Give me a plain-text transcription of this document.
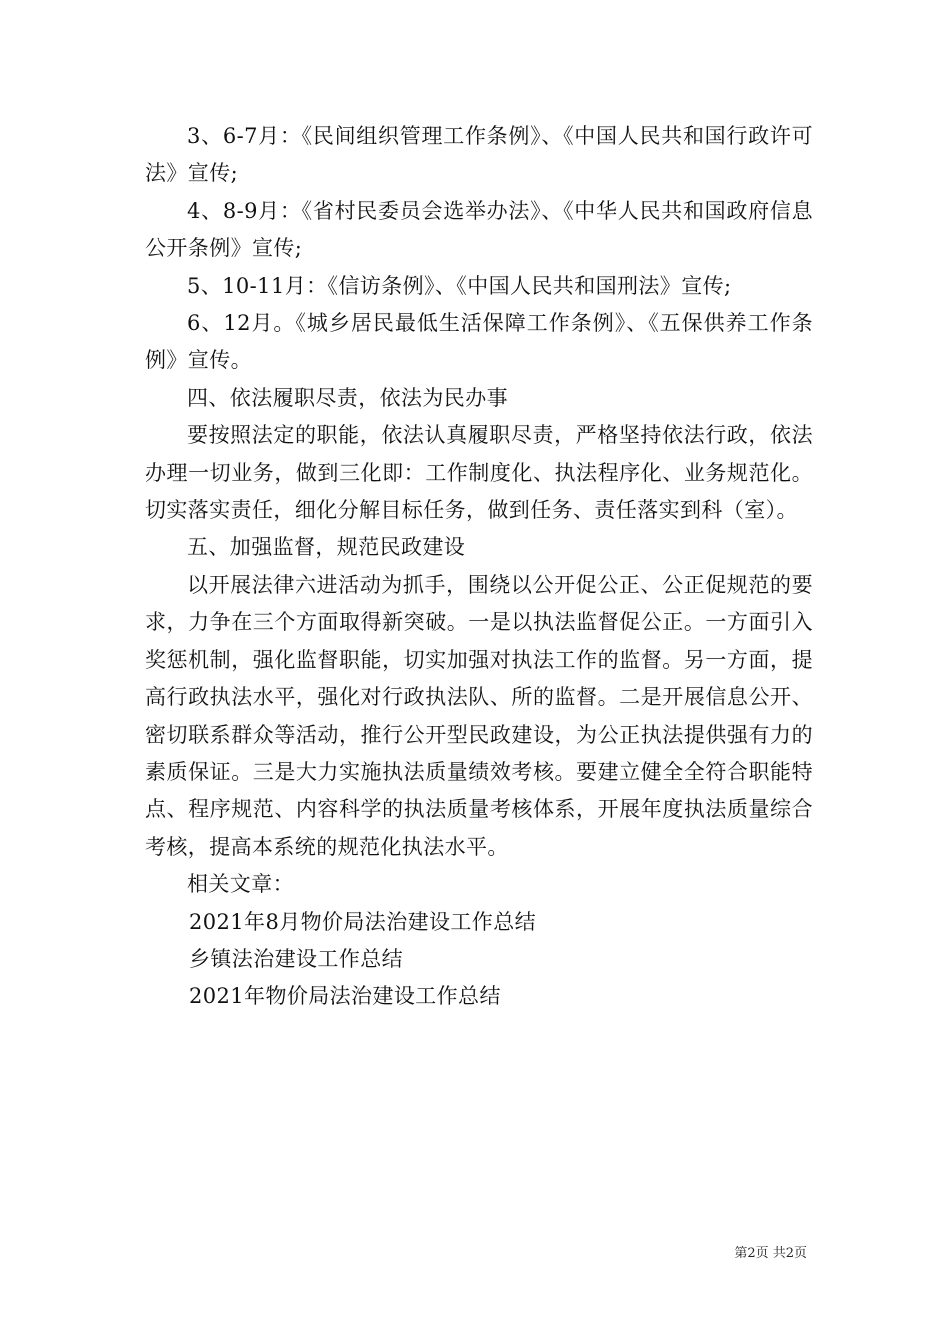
3、6-7月：《民间组织管理工作条例》、《中国人民共和国行政许可法》宣传;

4、8-9月：《省村民委员会选举办法》、《中华人民共和国政府信息公开条例》宣传;

5、10-11月：《信访条例》、《中国人民共和国刑法》宣传;

6、12月。《城乡居民最低生活保障工作条例》、《五保供养工作条例》宣传。

四、依法履职尽责，依法为民办事

要按照法定的职能，依法认真履职尽责，严格坚持依法行政，依法办理一切业务，做到三化即：工作制度化、执法程序化、业务规范化。切实落实责任，细化分解目标任务，做到任务、责任落实到科（室）。

五、加强监督，规范民政建设

以开展法律六进活动为抓手，围绕以公开促公正、公正促规范的要求，力争在三个方面取得新突破。一是以执法监督促公正。一方面引入奖惩机制，强化监督职能，切实加强对执法工作的监督。另一方面，提高行政执法水平，强化对行政执法队、所的监督。二是开展信息公开、密切联系群众等活动，推行公开型民政建设，为公正执法提供强有力的素质保证。三是大力实施执法质量绩效考核。要建立健全全符合职能特点、程序规范、内容科学的执法质量考核体系，开展年度执法质量综合考核，提高本系统的规范化执法水平。

相关文章：

2021年8月物价局法治建设工作总结

乡镇法治建设工作总结

2021年物价局法治建设工作总结

第2页 共2页
